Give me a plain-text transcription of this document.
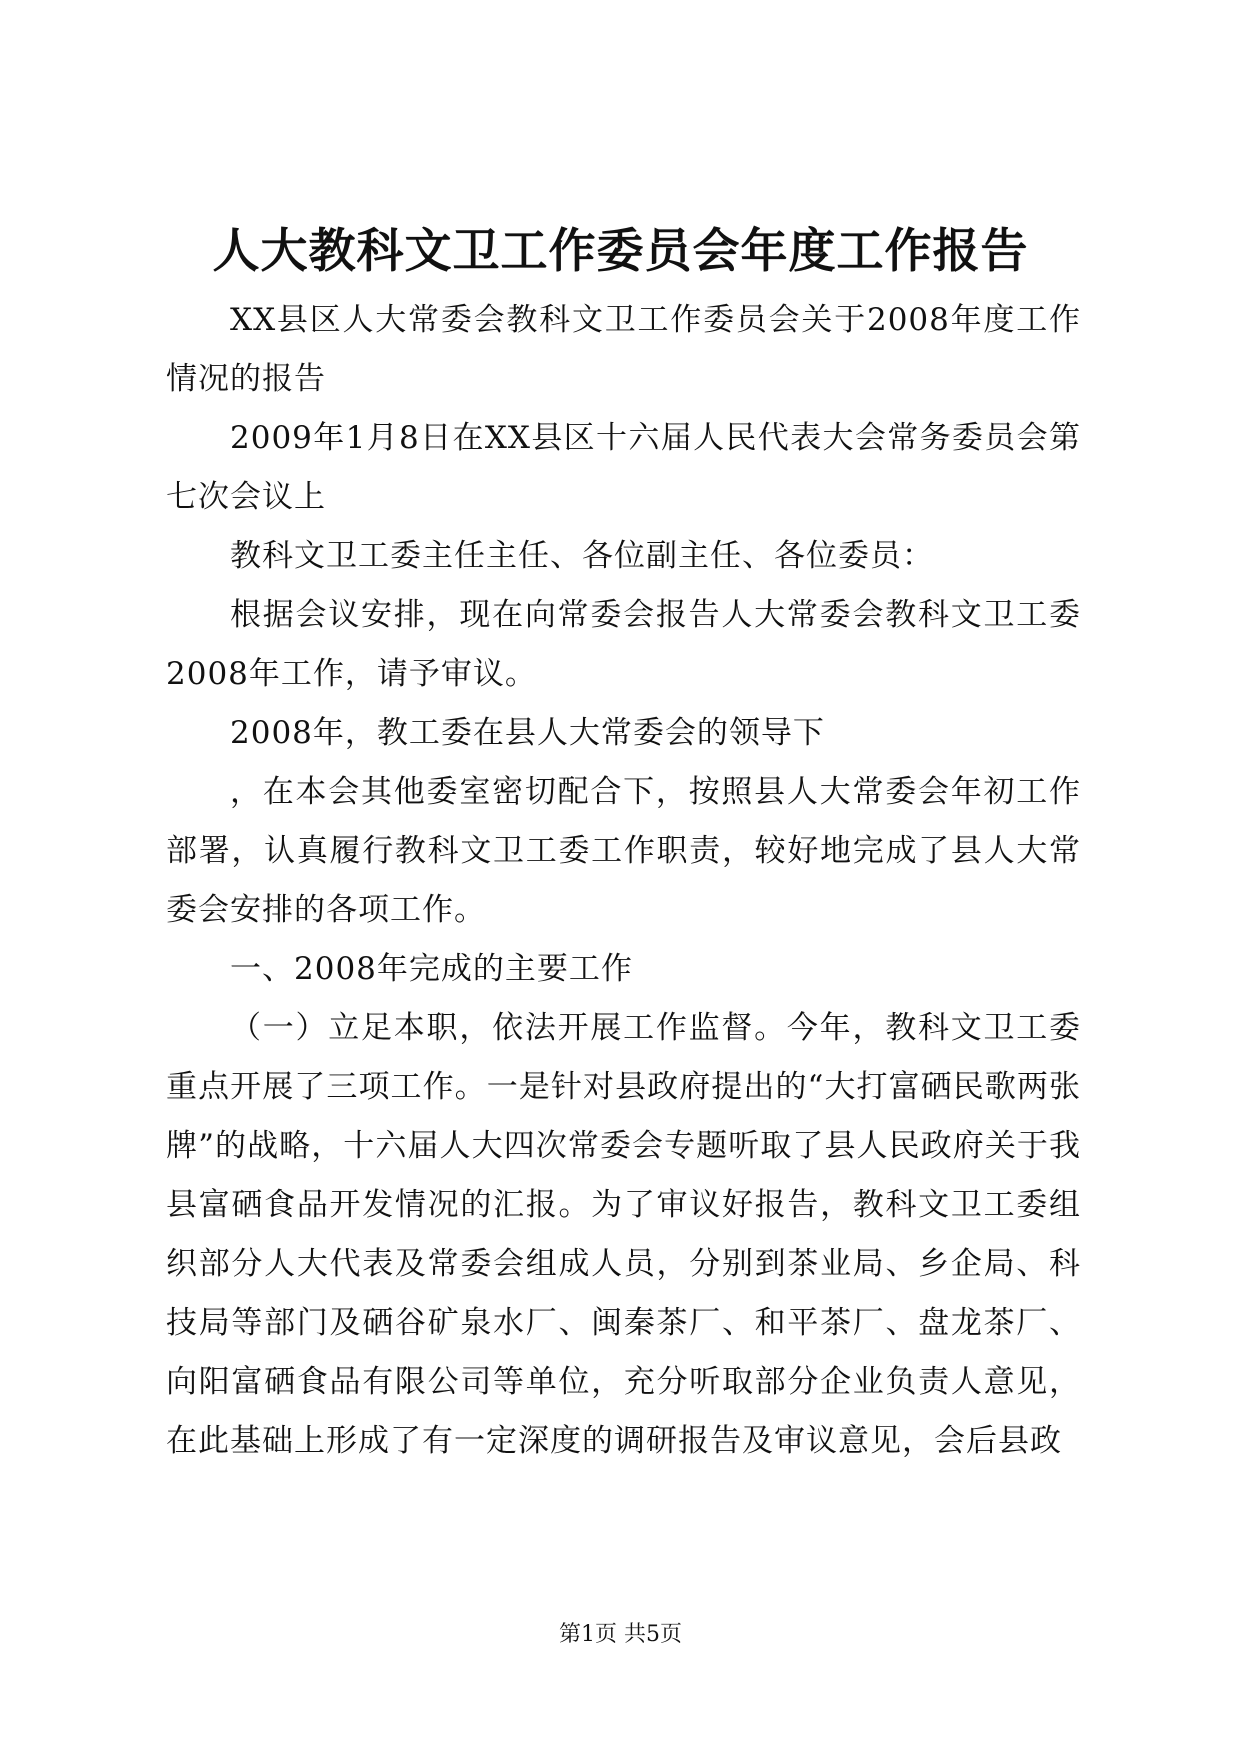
人大教科文卫工作委员会年度工作报告

XX县区人大常委会教科文卫工作委员会关于2008年度工作情况的报告

2009年1月8日在XX县区十六届人民代表大会常务委员会第七次会议上

教科文卫工委主任主任、各位副主任、各位委员：

根据会议安排，现在向常委会报告人大常委会教科文卫工委2008年工作，请予审议。

2008年，教工委在县人大常委会的领导下

，在本会其他委室密切配合下，按照县人大常委会年初工作部署，认真履行教科文卫工委工作职责，较好地完成了县人大常委会安排的各项工作。

一、2008年完成的主要工作

（一）立足本职，依法开展工作监督。今年，教科文卫工委重点开展了三项工作。一是针对县政府提出的“大打富硒民歌两张牌”的战略，十六届人大四次常委会专题听取了县人民政府关于我县富硒食品开发情况的汇报。为了审议好报告，教科文卫工委组织部分人大代表及常委会组成人员，分别到茶业局、乡企局、科技局等部门及硒谷矿泉水厂、闽秦茶厂、和平茶厂、盘龙茶厂、向阳富硒食品有限公司等单位，充分听取部分企业负责人意见，在此基础上形成了有一定深度的调研报告及审议意见，会后县政

第1页 共5页
